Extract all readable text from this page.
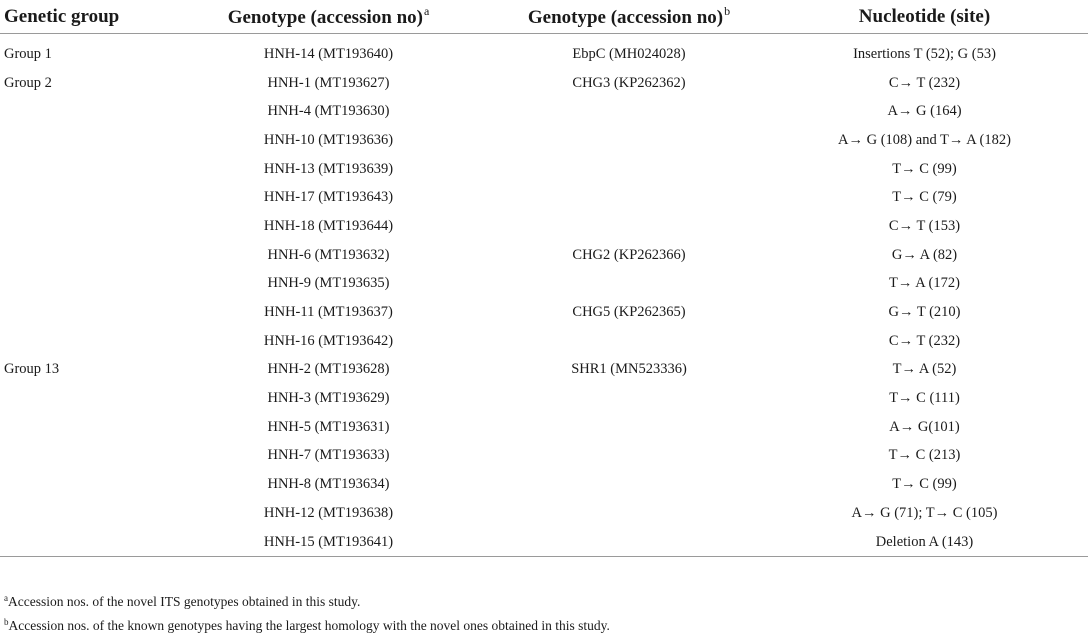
Genetic group	Genotype (accession no)$^a$	Genotype (accession no)$^b$	Nucleotide (site)
Group 1	HNH-14 (MT193640)	EbpC (MH024028)	Insertions T (52); G (53)
Group 2	HNH-1 (MT193627)	CHG3 (KP262362)	C→ T (232)
	HNH-4 (MT193630)		A→ G (164)
	HNH-10 (MT193636)		A→ G (108) and T→ A (182)
	HNH-13 (MT193639)		T→ C (99)
	HNH-17 (MT193643)		T→ C (79)
	HNH-18 (MT193644)		C→ T (153)
	HNH-6 (MT193632)	CHG2 (KP262366)	G→ A (82)
	HNH-9 (MT193635)		T→ A (172)
	HNH-11 (MT193637)	CHG5 (KP262365)	G→ T (210)
	HNH-16 (MT193642)		C→ T (232)
Group 13	HNH-2 (MT193628)	SHR1 (MN523336)	T→ A (52)
	HNH-3 (MT193629)		T→ C (111)
	HNH-5 (MT193631)		A→ G(101)
	HNH-7 (MT193633)		T→ C (213)
	HNH-8 (MT193634)		T→ C (99)
	HNH-12 (MT193638)		A→ G (71); T→ C (105)
	HNH-15 (MT193641)		Deletion A (143)
$^a$Accession nos. of the novel ITS genotypes obtained in this study.
$^b$Accession nos. of the known genotypes having the largest homology with the novel ones obtained in this study.
